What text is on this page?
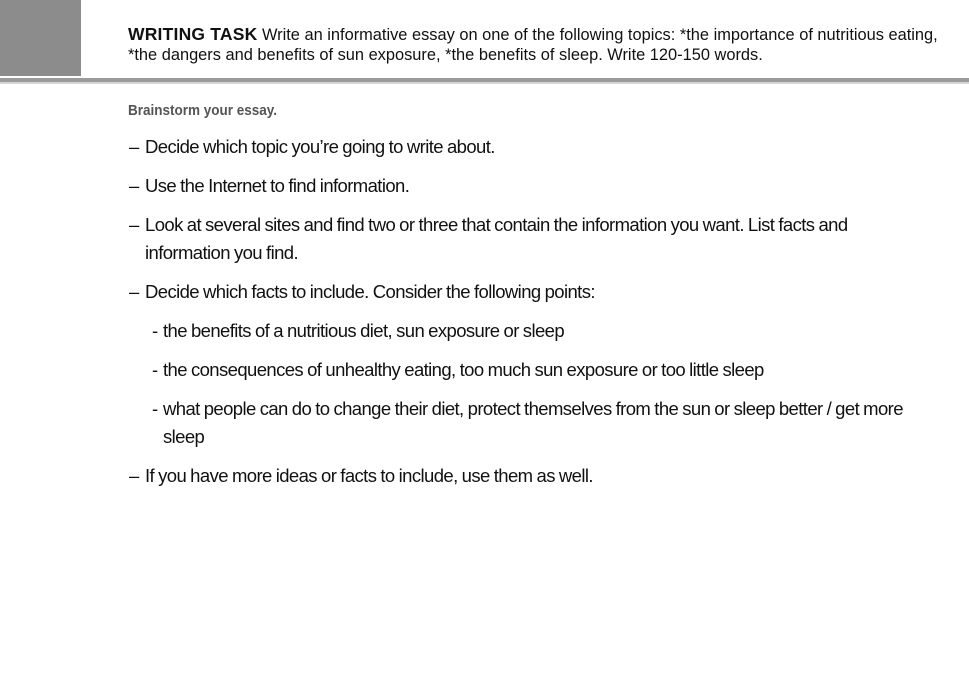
WRITING TASK Write an informative essay on one of the following topics: *the importance of nutritious eating, *the dangers and benefits of sun exposure, *the benefits of sleep. Write 120-150 words.
Brainstorm your essay.
– Decide which topic you’re going to write about.
– Use the Internet to find information.
– Look at several sites and find two or three that contain the information you want. List facts and information you find.
– Decide which facts to include. Consider the following points:
- the benefits of a nutritious diet, sun exposure or sleep
- the consequences of unhealthy eating, too much sun exposure or too little sleep
- what people can do to change their diet, protect themselves from the sun or sleep better / get more sleep
– If you have more ideas or facts to include, use them as well.
